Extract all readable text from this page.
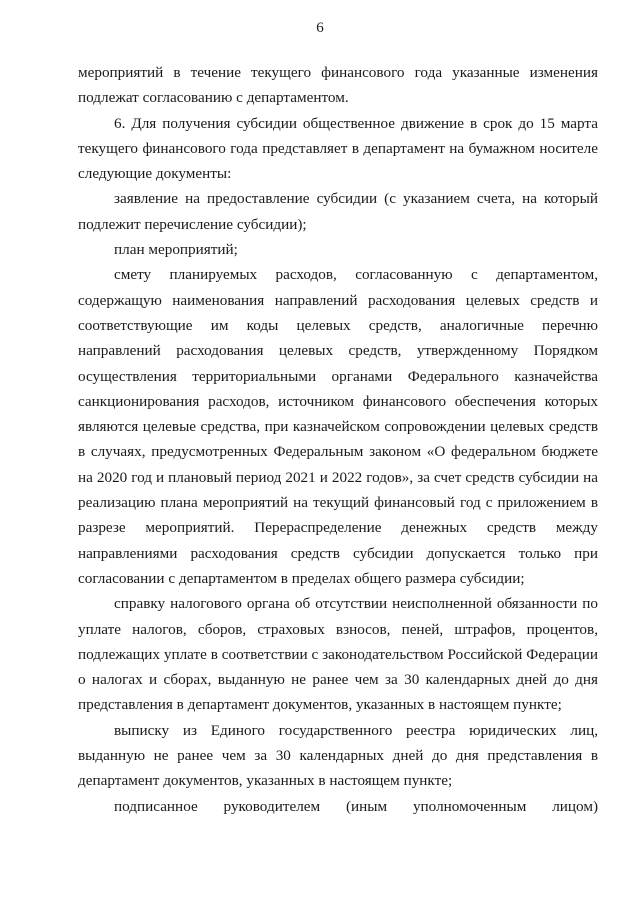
6

мероприятий в течение текущего финансового года указанные изменения подлежат согласованию с департаментом.

6. Для получения субсидии общественное движение в срок до 15 марта текущего финансового года представляет в департамент на бумажном носителе следующие документы:

заявление на предоставление субсидии (с указанием счета, на который подлежит перечисление субсидии);

план мероприятий;

смету планируемых расходов, согласованную с департаментом, содержащую наименования направлений расходования целевых средств и соответствующие им коды целевых средств, аналогичные перечню направлений расходования целевых средств, утвержденному Порядком осуществления территориальными органами Федерального казначейства санкционирования расходов, источником финансового обеспечения которых являются целевые средства, при казначейском сопровождении целевых средств в случаях, предусмотренных Федеральным законом «О федеральном бюджете на 2020 год и плановый период 2021 и 2022 годов», за счет средств субсидии на реализацию плана мероприятий на текущий финансовый год с приложением в разрезе мероприятий. Перераспределение денежных средств между направлениями расходования средств субсидии допускается только при согласовании с департаментом в пределах общего размера субсидии;

справку налогового органа об отсутствии неисполненной обязанности по уплате налогов, сборов, страховых взносов, пеней, штрафов, процентов, подлежащих уплате в соответствии с законодательством Российской Федерации о налогах и сборах, выданную не ранее чем за 30 календарных дней до дня представления в департамент документов, указанных в настоящем пункте;

выписку из Единого государственного реестра юридических лиц, выданную не ранее чем за 30 календарных дней до дня представления в департамент документов, указанных в настоящем пункте;

подписанное руководителем (иным уполномоченным лицом)
